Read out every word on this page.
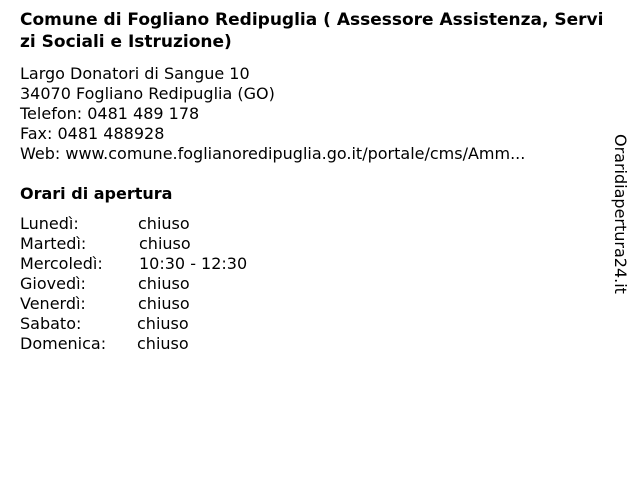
Comune di Fogliano Redipuglia ( Assessore Assistenza, Servizi Sociali e Istruzione)
Largo Donatori di Sangue 10
34070 Fogliano Redipuglia (GO)
Telefon: 0481 489 178
Fax: 0481 488928
Web: www.comune.foglianoredipuglia.go.it/portale/cms/Amm...
Orari di apertura
Lunedì:	chiuso
Martedì:	chiuso
Mercoledì: 10:30 - 12:30
Giovedì:	chiuso
Venerdì:	chiuso
Sabato:	chiuso
Domenica: chiuso
Oraridiapertura24.it
